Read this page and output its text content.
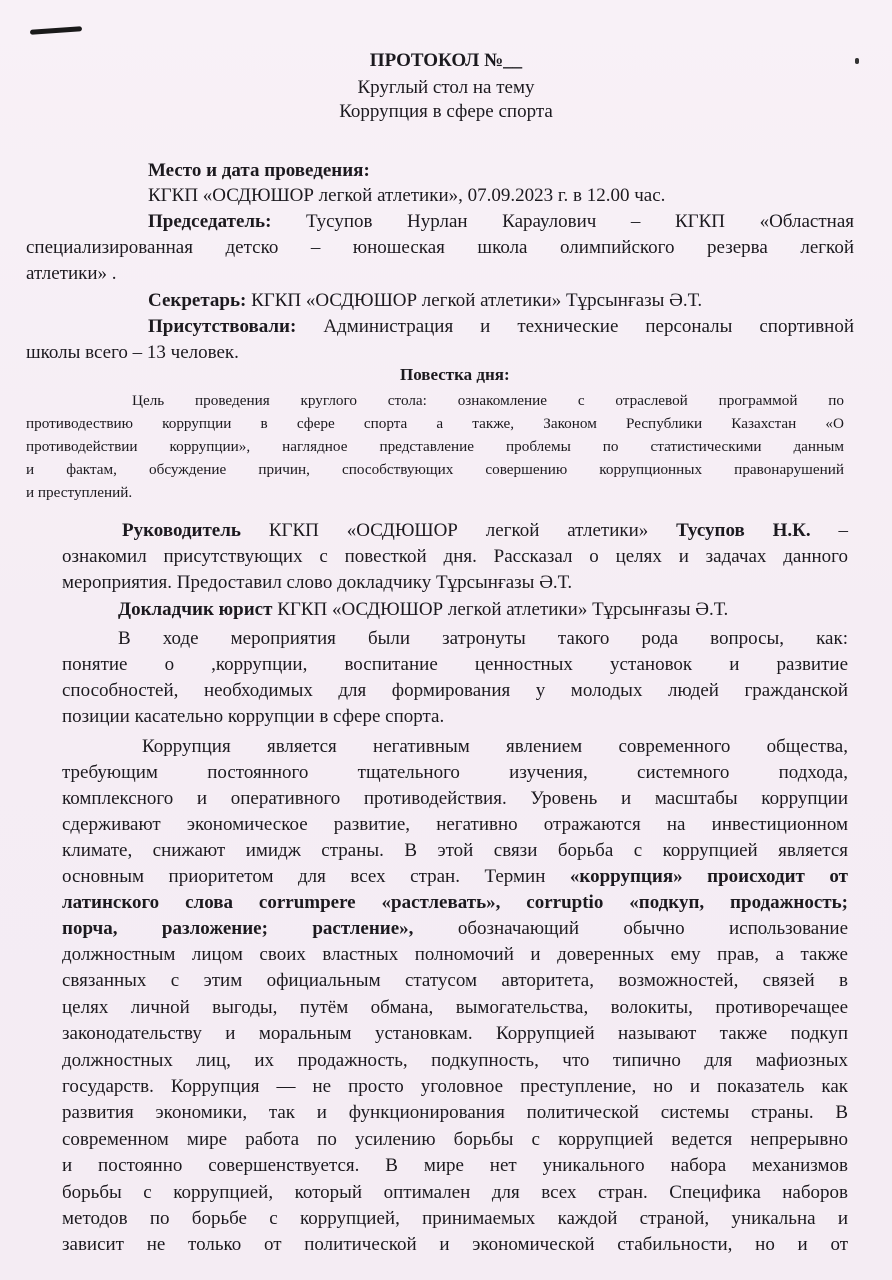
ПРОТОКОЛ №__
Круглый стол на тему
Коррупция в сфере спорта
Место и дата проведения:
КГКП «ОСДЮШОР легкой атлетики», 07.09.2023 г. в 12.00 час.
Председатель: Тусупов Нурлан Караулович – КГКП «Областная
специализированная детско – юношеская школа олимпийского резерва легкой
атлетики» .
Секретарь: КГКП «ОСДЮШОР легкой атлетики» Тұрсынғазы Ә.Т.
Присутствовали: Администрация и технические персоналы спортивной
школы всего – 13 человек.
Повестка дня:
Цель проведения круглого стола: ознакомление с отраслевой программой по
противодествию коррупции в сфере спорта а также, Законом Республики Казахстан «О
противодействии коррупции», наглядное представление проблемы по статистическими данным
и фактам, обсуждение причин, способствующих совершению коррупционных правонарушений
и преступлений.
Руководитель КГКП «ОСДЮШОР легкой атлетики» Тусупов Н.К. –
ознакомил присутствующих с повесткой дня. Рассказал о целях и задачах данного
мероприятия. Предоставил слово докладчику Тұрсынғазы Ә.Т.
Докладчик юрист КГКП «ОСДЮШОР легкой атлетики» Тұрсынғазы Ә.Т.
В ходе мероприятия были затронуты такого рода вопросы, как:
понятие о ,коррупции, воспитание ценностных установок и развитие
способностей, необходимых для формирования у молодых людей гражданской
позиции касательно коррупции в сфере спорта.
Коррупция является негативным явлением современного общества,
требующим постоянного тщательного изучения, системного подхода,
комплексного и оперативного противодействия. Уровень и масштабы коррупции
сдерживают экономическое развитие, негативно отражаются на инвестиционном
климате, снижают имидж страны. В этой связи борьба с коррупцией является
основным приоритетом для всех стран. Термин «коррупция» происходит от
латинского слова corrumpere «растлевать», corruptio «подкуп, продажность;
порча, разложение; растление», обозначающий обычно использование
должностным лицом своих властных полномочий и доверенных ему прав, а также
связанных с этим официальным статусом авторитета, возможностей, связей в
целях личной выгоды, путём обмана, вымогательства, волокиты, противоречащее
законодательству и моральным установкам. Коррупцией называют также подкуп
должностных лиц, их продажность, подкупность, что типично для мафиозных
государств. Коррупция — не просто уголовное преступление, но и показатель как
развития экономики, так и функционирования политической системы страны. В
современном мире работа по усилению борьбы с коррупцией ведется непрерывно
и постоянно совершенствуется. В мире нет уникального набора механизмов
борьбы с коррупцией, который оптимален для всех стран. Специфика наборов
методов по борьбе с коррупцией, принимаемых каждой страной, уникальна и
зависит не только от политической и экономической стабильности, но и от
